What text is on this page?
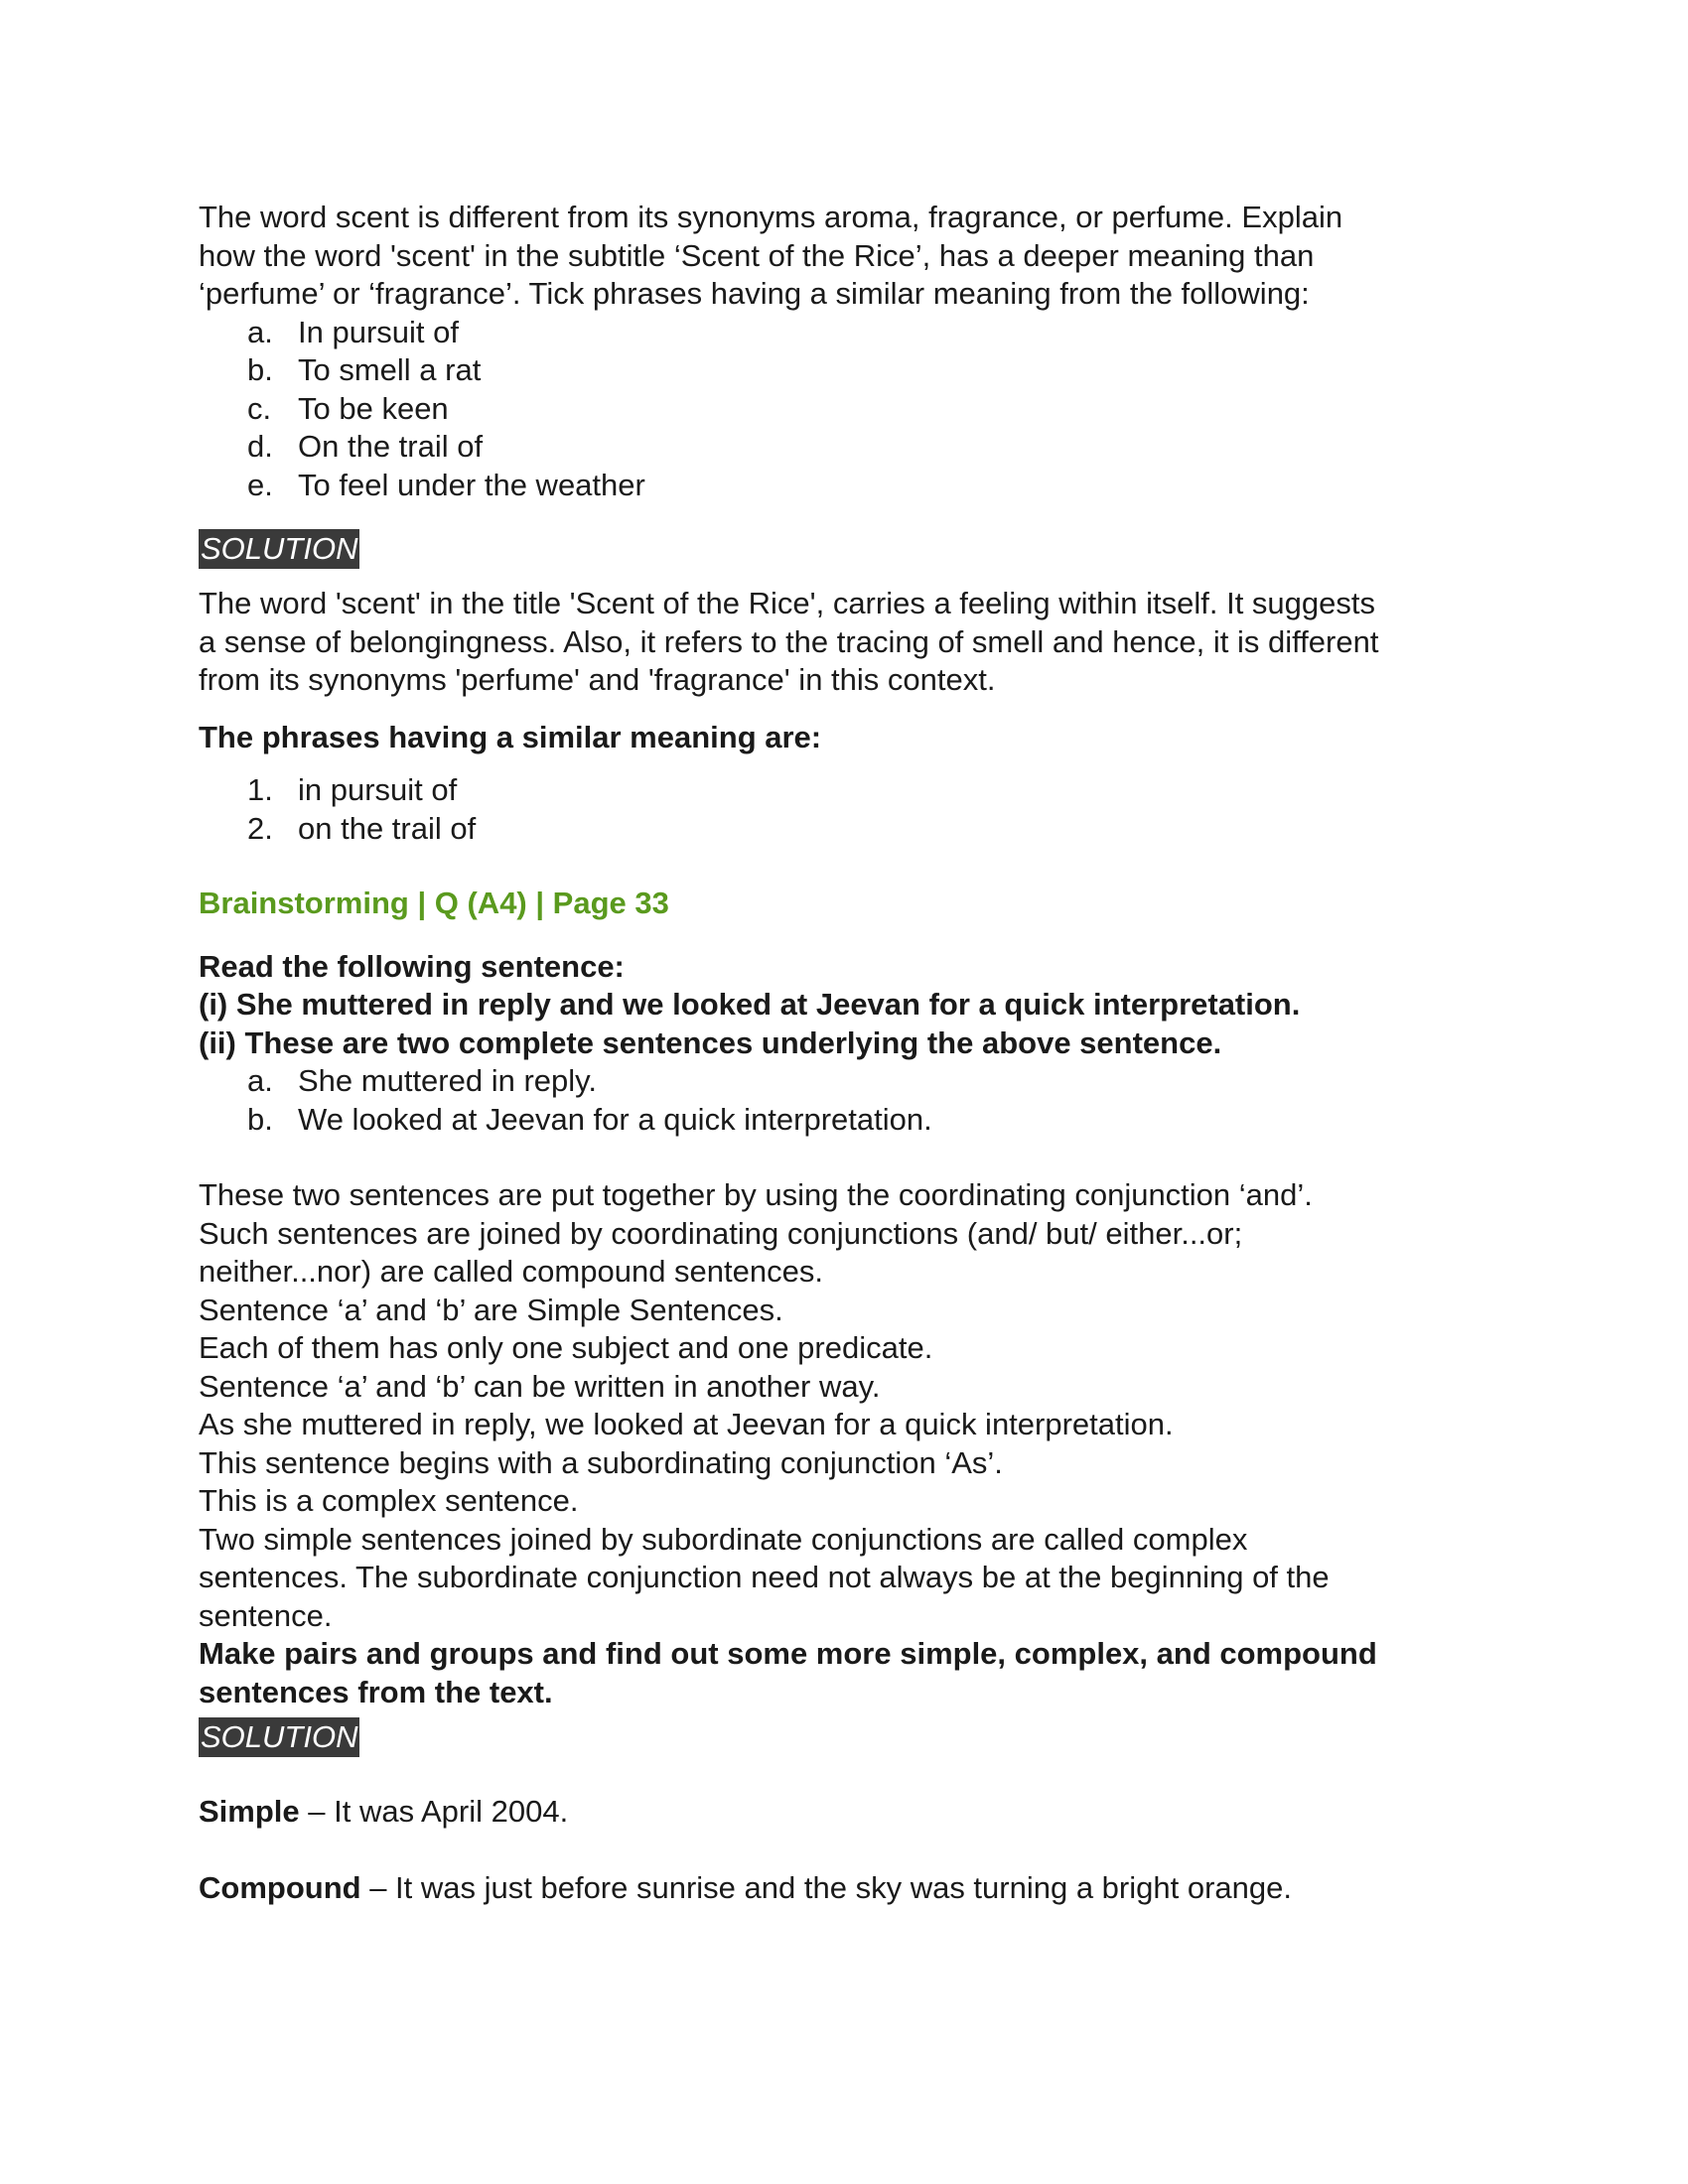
The word scent is different from its synonyms aroma, fragrance, or perfume. Explain

how the word 'scent' in the subtitle ‘Scent of the Rice’, has a deeper meaning than

‘perfume’ or ‘fragrance’. Tick phrases having a similar meaning from the following:

a. In pursuit of
b. To smell a rat
c. To be keen
d. On the trail of
e. To feel under the weather
SOLUTION

The word 'scent' in the title 'Scent of the Rice', carries a feeling within itself. It suggests

a sense of belongingness. Also, it refers to the tracing of smell and hence, it is different

from its synonyms 'perfume' and 'fragrance' in this context.

The phrases having a similar meaning are:

1. in pursuit of
2. on the trail of

Brainstorming | Q (A4) | Page 33

Read the following sentence:

(i) She muttered in reply and we looked at Jeevan for a quick interpretation.

(ii) These are two complete sentences underlying the above sentence.

a. She muttered in reply.
b. We looked at Jeevan for a quick interpretation.

These two sentences are put together by using the coordinating conjunction ‘and’.

Such sentences are joined by coordinating conjunctions (and/ but/ either...or;

neither...nor) are called compound sentences.

Sentence ‘a’ and ‘b’ are Simple Sentences.

Each of them has only one subject and one predicate.

Sentence ‘a’ and ‘b’ can be written in another way.

As she muttered in reply, we looked at Jeevan for a quick interpretation.

This sentence begins with a subordinating conjunction ‘As’.

This is a complex sentence.

Two simple sentences joined by subordinate conjunctions are called complex

sentences. The subordinate conjunction need not always be at the beginning of the

sentence.

Make pairs and groups and find out some more simple, complex, and compound

sentences from the text.

SOLUTION

Simple – It was April 2004.

Compound – It was just before sunrise and the sky was turning a bright orange.
